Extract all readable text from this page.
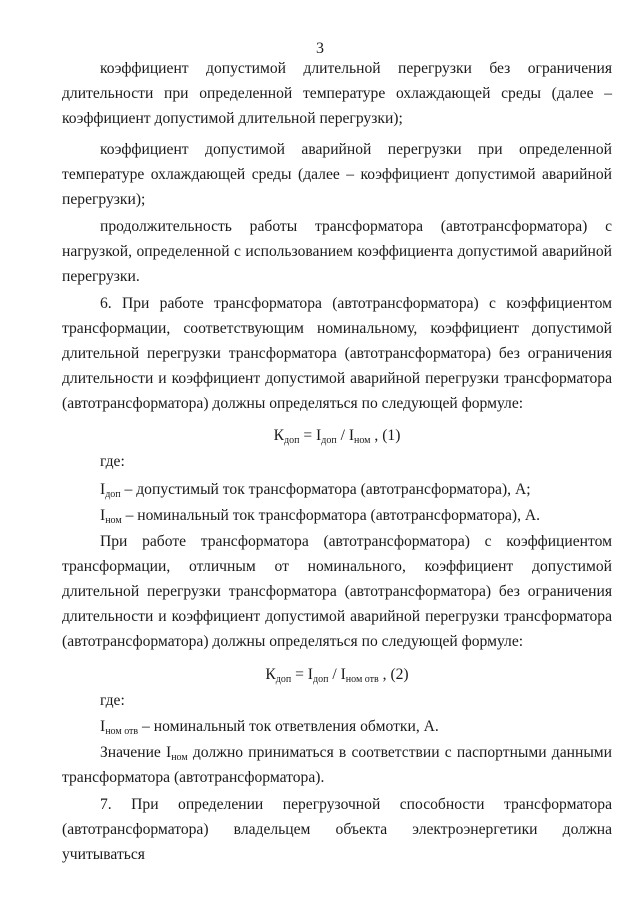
3

коэффициент допустимой длительной перегрузки без ограничения длительности при определенной температуре охлаждающей среды (далее – коэффициент допустимой длительной перегрузки);

коэффициент допустимой аварийной перегрузки при определенной температуре охлаждающей среды (далее – коэффициент допустимой аварийной перегрузки);

продолжительность работы трансформатора (автотрансформатора) с нагрузкой, определенной с использованием коэффициента допустимой аварийной перегрузки.

6. При работе трансформатора (автотрансформатора) с коэффициентом трансформации, соответствующим номинальному, коэффициент допустимой длительной перегрузки трансформатора (автотрансформатора) без ограничения длительности и коэффициент допустимой аварийной перегрузки трансформатора (автотрансформатора) должны определяться по следующей формуле:

$К_{доп} = I_{доп} / I_{ном}$ , (1)

где:

$I_{доп}$ – допустимый ток трансформатора (автотрансформатора), А;

$I_{ном}$ – номинальный ток трансформатора (автотрансформатора), А.

При работе трансформатора (автотрансформатора) с коэффициентом трансформации, отличным от номинального, коэффициент допустимой длительной перегрузки трансформатора (автотрансформатора) без ограничения длительности и коэффициент допустимой аварийной перегрузки трансформатора (автотрансформатора) должны определяться по следующей формуле:

$К_{доп} = I_{доп} / I_{ном отв}$ , (2)

где:

$I_{ном отв}$ – номинальный ток ответвления обмотки, А.

Значение $I_{ном}$ должно приниматься в соответствии с паспортными данными трансформатора (автотрансформатора).

7. При определении перегрузочной способности трансформатора (автотрансформатора) владельцем объекта электроэнергетики должна учитываться
